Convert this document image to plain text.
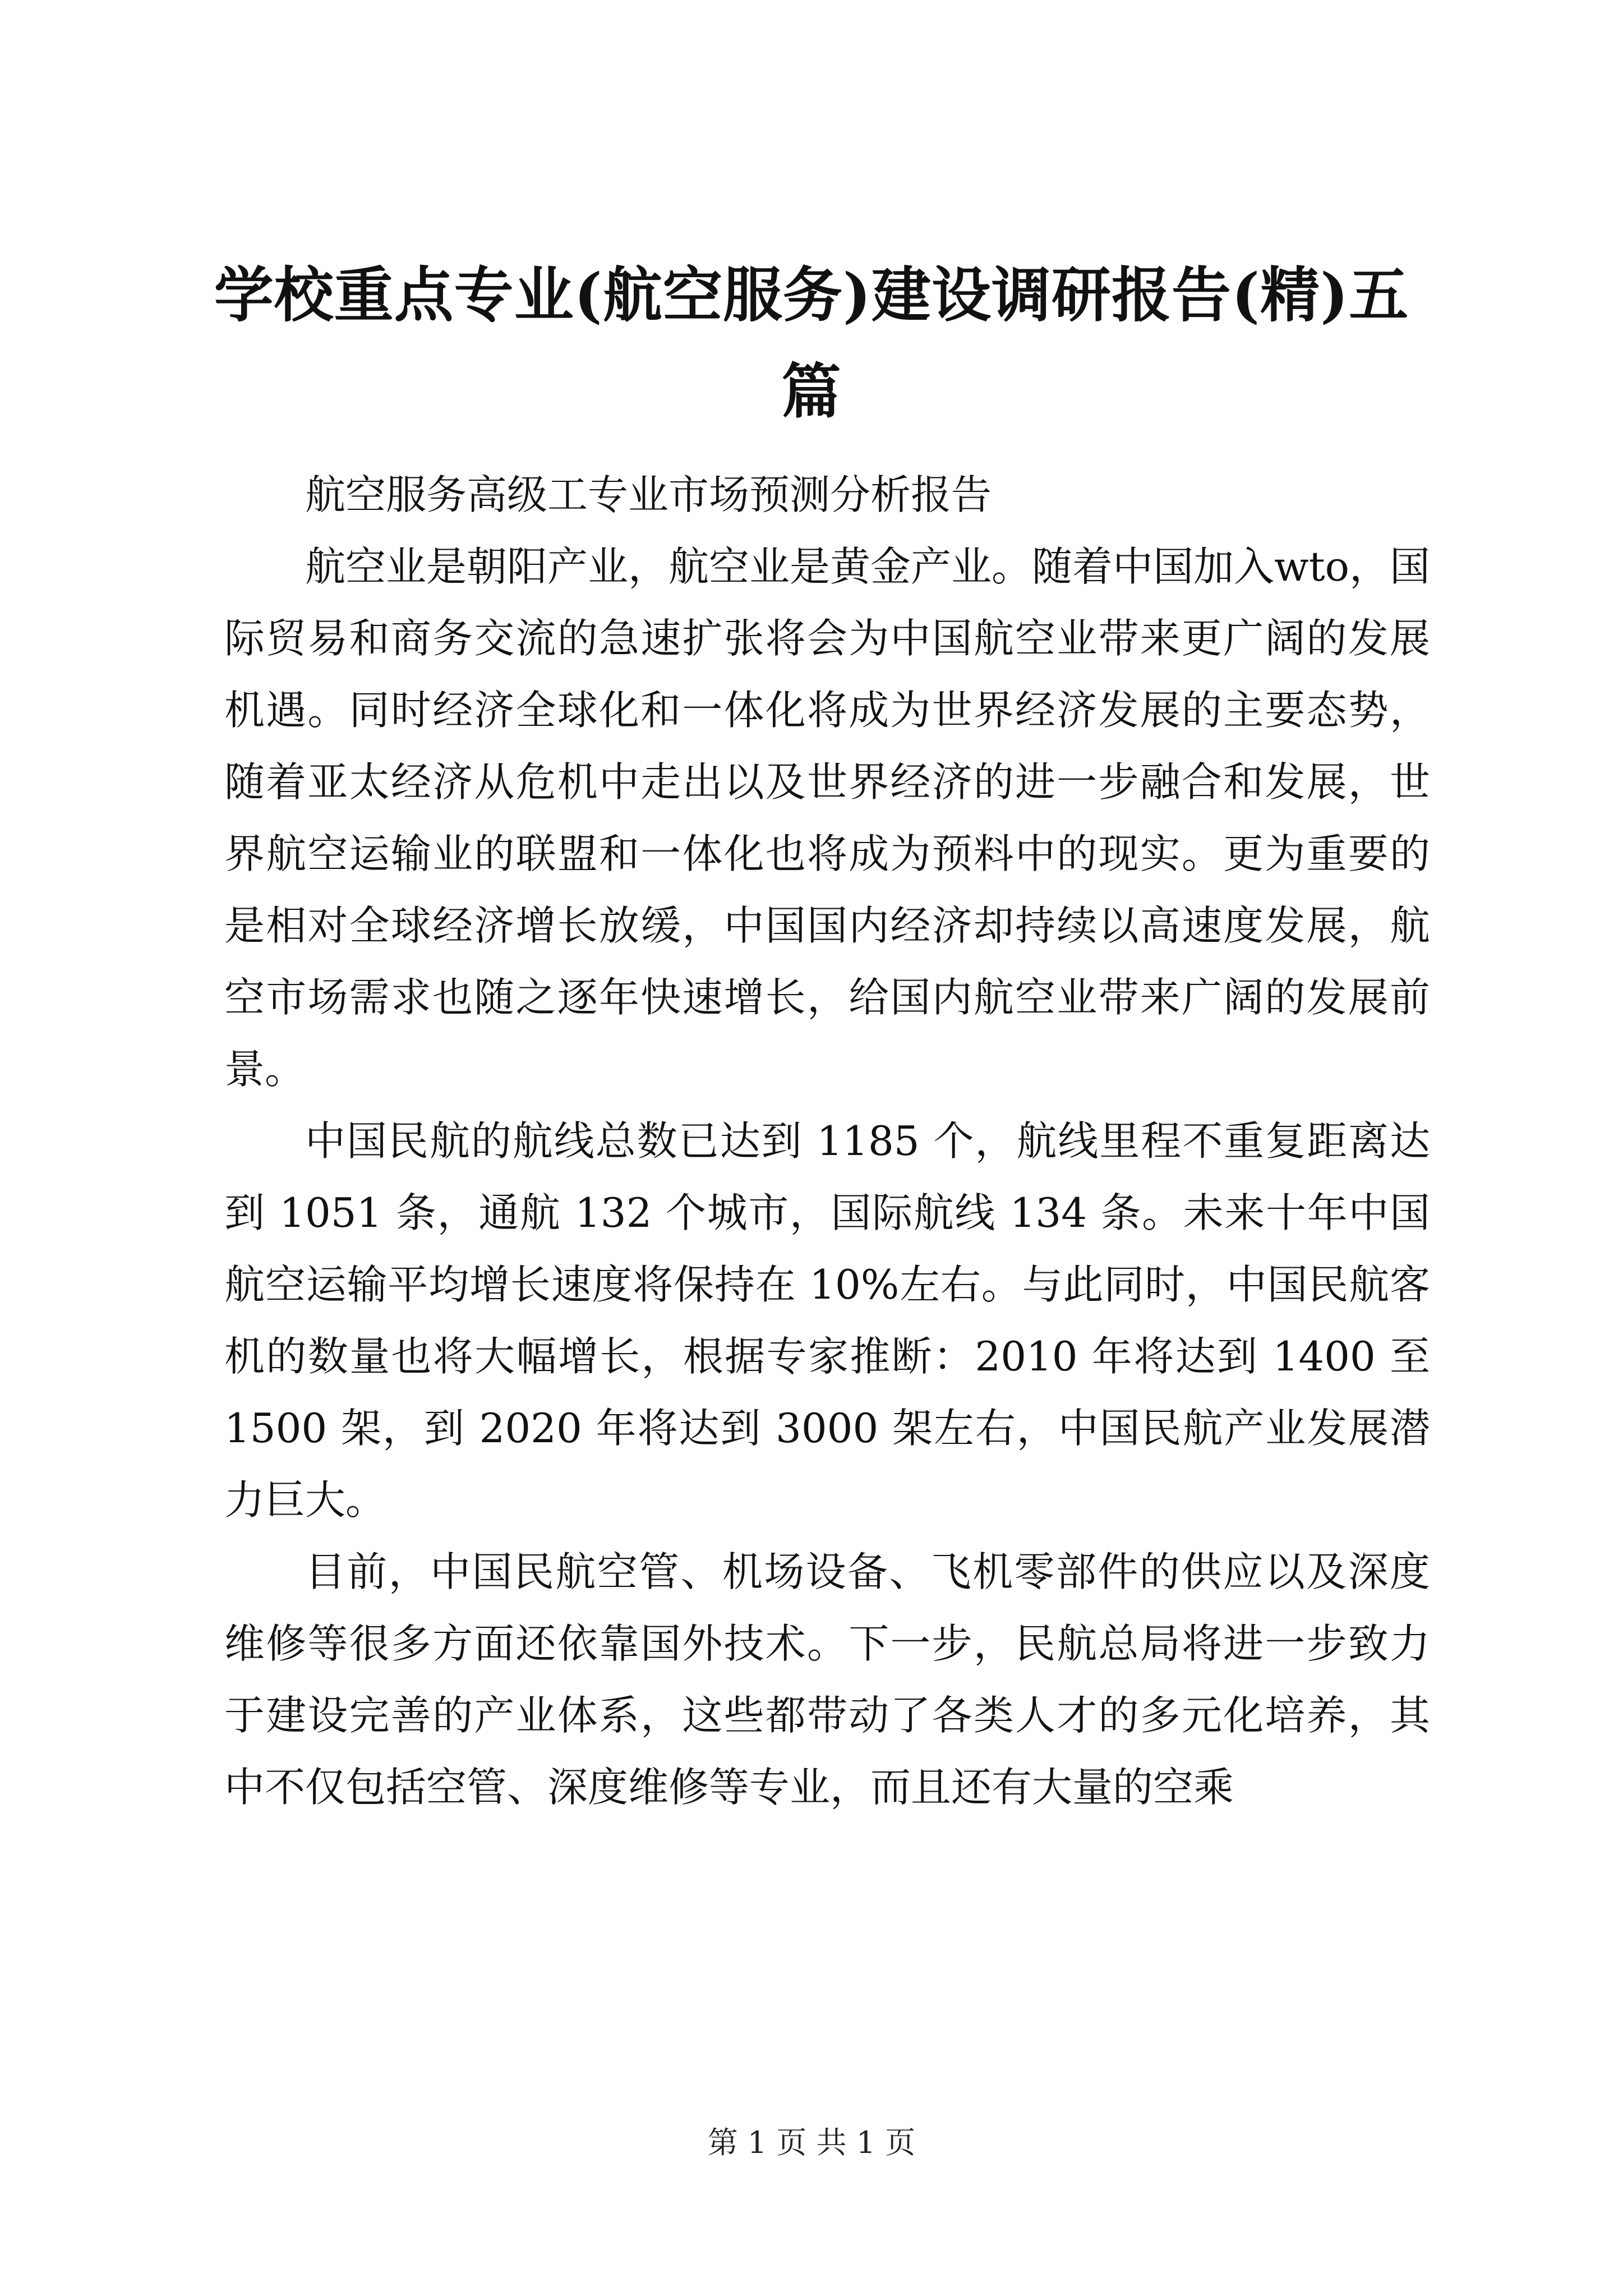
学校重点专业(航空服务)建设调研报告(精)五篇

航空服务高级工专业市场预测分析报告

航空业是朝阳产业，航空业是黄金产业。随着中国加入wto，国际贸易和商务交流的急速扩张将会为中国航空业带来更广阔的发展机遇。同时经济全球化和一体化将成为世界经济发展的主要态势，随着亚太经济从危机中走出以及世界经济的进一步融合和发展，世界航空运输业的联盟和一体化也将成为预料中的现实。更为重要的是相对全球经济增长放缓，中国国内经济却持续以高速度发展，航空市场需求也随之逐年快速增长，给国内航空业带来广阔的发展前景。

中国民航的航线总数已达到 1185 个，航线里程不重复距离达到 1051 条，通航 132 个城市，国际航线 134 条。未来十年中国航空运输平均增长速度将保持在 10%左右。与此同时，中国民航客机的数量也将大幅增长，根据专家推断：2010 年将达到 1400 至 1500 架，到 2020 年将达到 3000 架左右，中国民航产业发展潜力巨大。

目前，中国民航空管、机场设备、飞机零部件的供应以及深度维修等很多方面还依靠国外技术。下一步，民航总局将进一步致力于建设完善的产业体系，这些都带动了各类人才的多元化培养，其中不仅包括空管、深度维修等专业，而且还有大量的空乘

第 1 页 共 1 页
